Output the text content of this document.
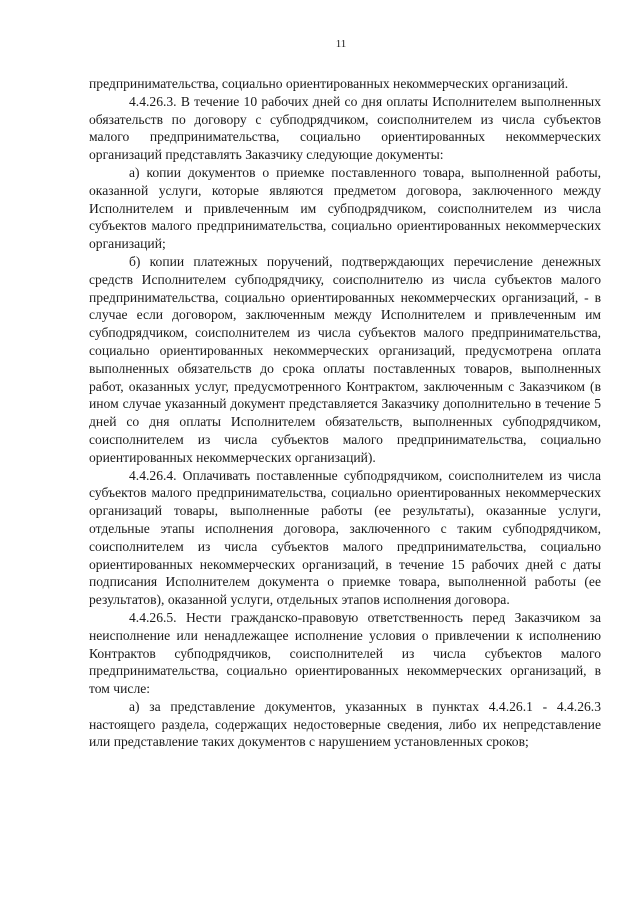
11

предпринимательства, социально ориентированных некоммерческих организаций.

4.4.26.3. В течение 10 рабочих дней со дня оплаты Исполнителем выполненных обязательств по договору с субподрядчиком, соисполнителем из числа субъектов малого предпринимательства, социально ориентированных некоммерческих организаций представлять Заказчику следующие документы:

а) копии документов о приемке поставленного товара, выполненной работы, оказанной услуги, которые являются предметом договора, заключенного между Исполнителем и привлеченным им субподрядчиком, соисполнителем из числа субъектов малого предпринимательства, социально ориентированных некоммерческих организаций;

б) копии платежных поручений, подтверждающих перечисление денежных средств Исполнителем субподрядчику, соисполнителю из числа субъектов малого предпринимательства, социально ориентированных некоммерческих организаций, - в случае если договором, заключенным между Исполнителем и привлеченным им субподрядчиком, соисполнителем из числа субъектов малого предпринимательства, социально ориентированных некоммерческих организаций, предусмотрена оплата выполненных обязательств до срока оплаты поставленных товаров, выполненных работ, оказанных услуг, предусмотренного Контрактом, заключенным с Заказчиком (в ином случае указанный документ представляется Заказчику дополнительно в течение 5 дней со дня оплаты Исполнителем обязательств, выполненных субподрядчиком, соисполнителем из числа субъектов малого предпринимательства, социально ориентированных некоммерческих организаций).

4.4.26.4. Оплачивать поставленные субподрядчиком, соисполнителем из числа субъектов малого предпринимательства, социально ориентированных некоммерческих организаций товары, выполненные работы (ее результаты), оказанные услуги, отдельные этапы исполнения договора, заключенного с таким субподрядчиком, соисполнителем из числа субъектов малого предпринимательства, социально ориентированных некоммерческих организаций, в течение 15 рабочих дней с даты подписания Исполнителем документа о приемке товара, выполненной работы (ее результатов), оказанной услуги, отдельных этапов исполнения договора.

4.4.26.5. Нести гражданско-правовую ответственность перед Заказчиком за неисполнение или ненадлежащее исполнение условия о привлечении к исполнению Контрактов субподрядчиков, соисполнителей из числа субъектов малого предпринимательства, социально ориентированных некоммерческих организаций, в том числе:

а) за представление документов, указанных в пунктах 4.4.26.1 - 4.4.26.3 настоящего раздела, содержащих недостоверные сведения, либо их непредставление или представление таких документов с нарушением установленных сроков;
